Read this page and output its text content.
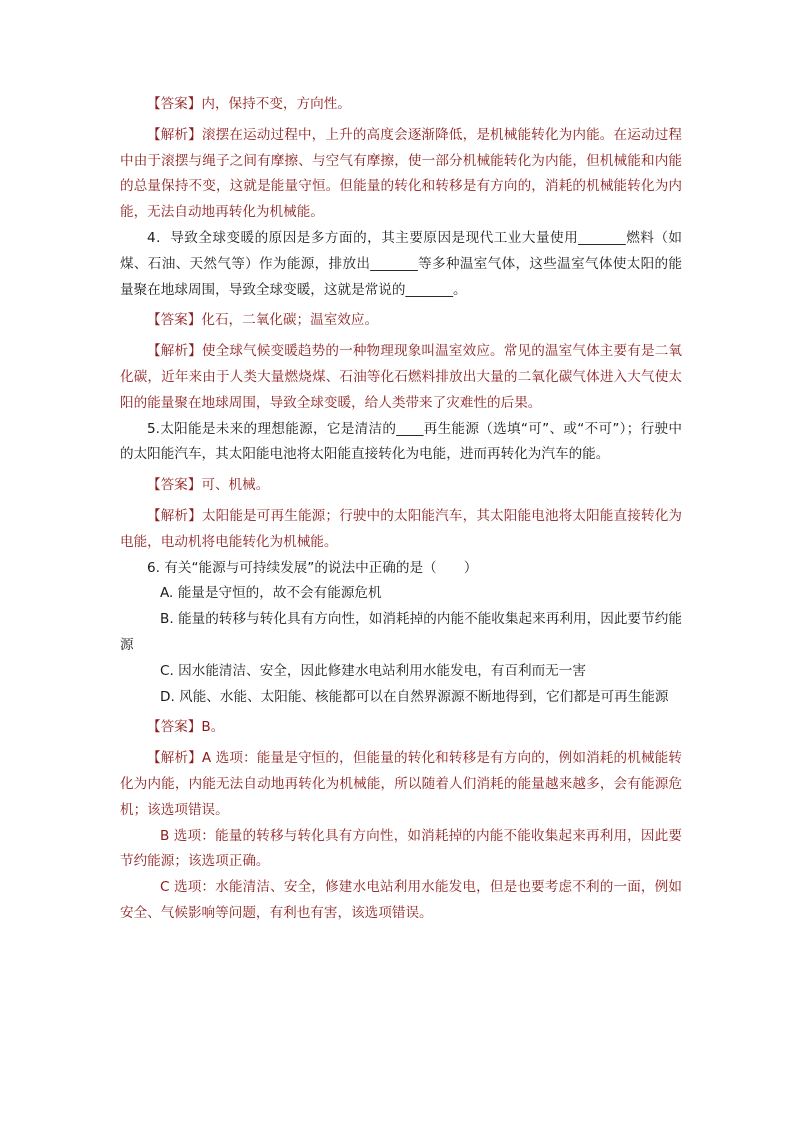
【答案】内，保持不变，方向性。

【解析】滚摆在运动过程中，上升的高度会逐渐降低，是机械能转化为内能。在运动过程中由于滚摆与绳子之间有摩擦、与空气有摩擦，使一部分机械能转化为内能，但机械能和内能的总量保持不变，这就是能量守恒。但能量的转化和转移是有方向的，消耗的机械能转化为内能，无法自动地再转化为机械能。

4．导致全球变暖的原因是多方面的，其主要原因是现代工业大量使用_______燃料（如煤、石油、天然气等）作为能源，排放出_______等多种温室气体，这些温室气体使太阳的能量聚在地球周围，导致全球变暖，这就是常说的_______。

【答案】化石，二氧化碳；温室效应。

【解析】使全球气候变暖趋势的一种物理现象叫温室效应。常见的温室气体主要有是二氧化碳，近年来由于人类大量燃烧煤、石油等化石燃料排放出大量的二氧化碳气体进入大气使太阳的能量聚在地球周围，导致全球变暖，给人类带来了灾难性的后果。

5.太阳能是未来的理想能源，它是清洁的____再生能源（选填“可”、或“不可”）；行驶中的太阳能汽车，其太阳能电池将太阳能直接转化为电能，进而再转化为汽车的能。

【答案】可、机械。

【解析】太阳能是可再生能源；行驶中的太阳能汽车，其太阳能电池将太阳能直接转化为电能，电动机将电能转化为机械能。

6. 有关“能源与可持续发展”的说法中正确的是（　　）

A. 能量是守恒的，故不会有能源危机

B. 能量的转移与转化具有方向性，如消耗掉的内能不能收集起来再利用，因此要节约能源

C. 因水能清洁、安全，因此修建水电站利用水能发电，有百利而无一害

D. 风能、水能、太阳能、核能都可以在自然界源源不断地得到，它们都是可再生能源

【答案】B。

【解析】A 选项：能量是守恒的，但能量的转化和转移是有方向的，例如消耗的机械能转化为内能，内能无法自动地再转化为机械能，所以随着人们消耗的能量越来越多，会有能源危机；该选项错误。

B 选项：能量的转移与转化具有方向性，如消耗掉的内能不能收集起来再利用，因此要节约能源；该选项正确。

C 选项：水能清洁、安全，修建水电站利用水能发电，但是也要考虑不利的一面，例如安全、气候影响等问题，有利也有害，该选项错误。
